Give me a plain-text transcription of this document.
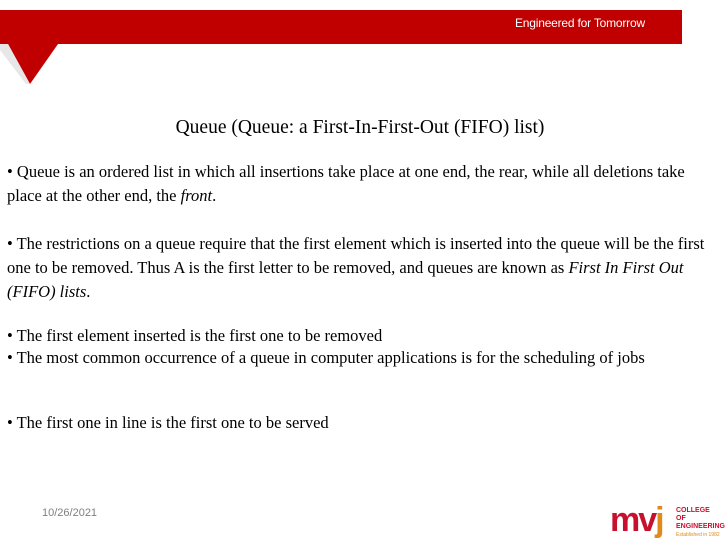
Engineered for Tomorrow
Queue (Queue: a First-In-First-Out (FIFO) list)

• Queue is an ordered list in which all insertions take place at one end, the rear, while all deletions take place at the other end, the front.

• The restrictions on a queue require that the first element which is inserted into the queue will be the first one to be removed. Thus A is the first letter to be removed, and queues are known as First In First Out (FIFO) lists.

• The first element inserted is the first one to be removed

• The most common occurrence of a queue in computer applications is for the scheduling of jobs

• The first one in line is the first one to be served

10/26/2021	mvj COLLEGE OF
ENGINEERING
Established in 1982
